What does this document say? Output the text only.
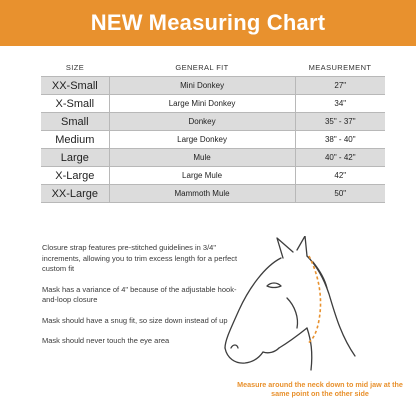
NEW Measuring Chart
SIZE	GENERAL FIT	MEASUREMENT
XX-Small	Mini Donkey	27"
X-Small	Large Mini Donkey	34"
Small	Donkey	35" - 37"
Medium	Large Donkey	38" - 40"
Large	Mule	40" - 42"
X-Large	Large Mule	42"
XX-Large	Mammoth Mule	50"
Closure strap features pre-stitched guidelines in 3/4" increments, allowing you to trim excess length for a perfect custom fit
Mask has a variance of 4" because of the adjustable hook-and-loop closure
Mask should have a snug fit, so size down instead of up
Mask should never touch the eye area
Measure around the neck down to mid jaw at the same point on the other side
